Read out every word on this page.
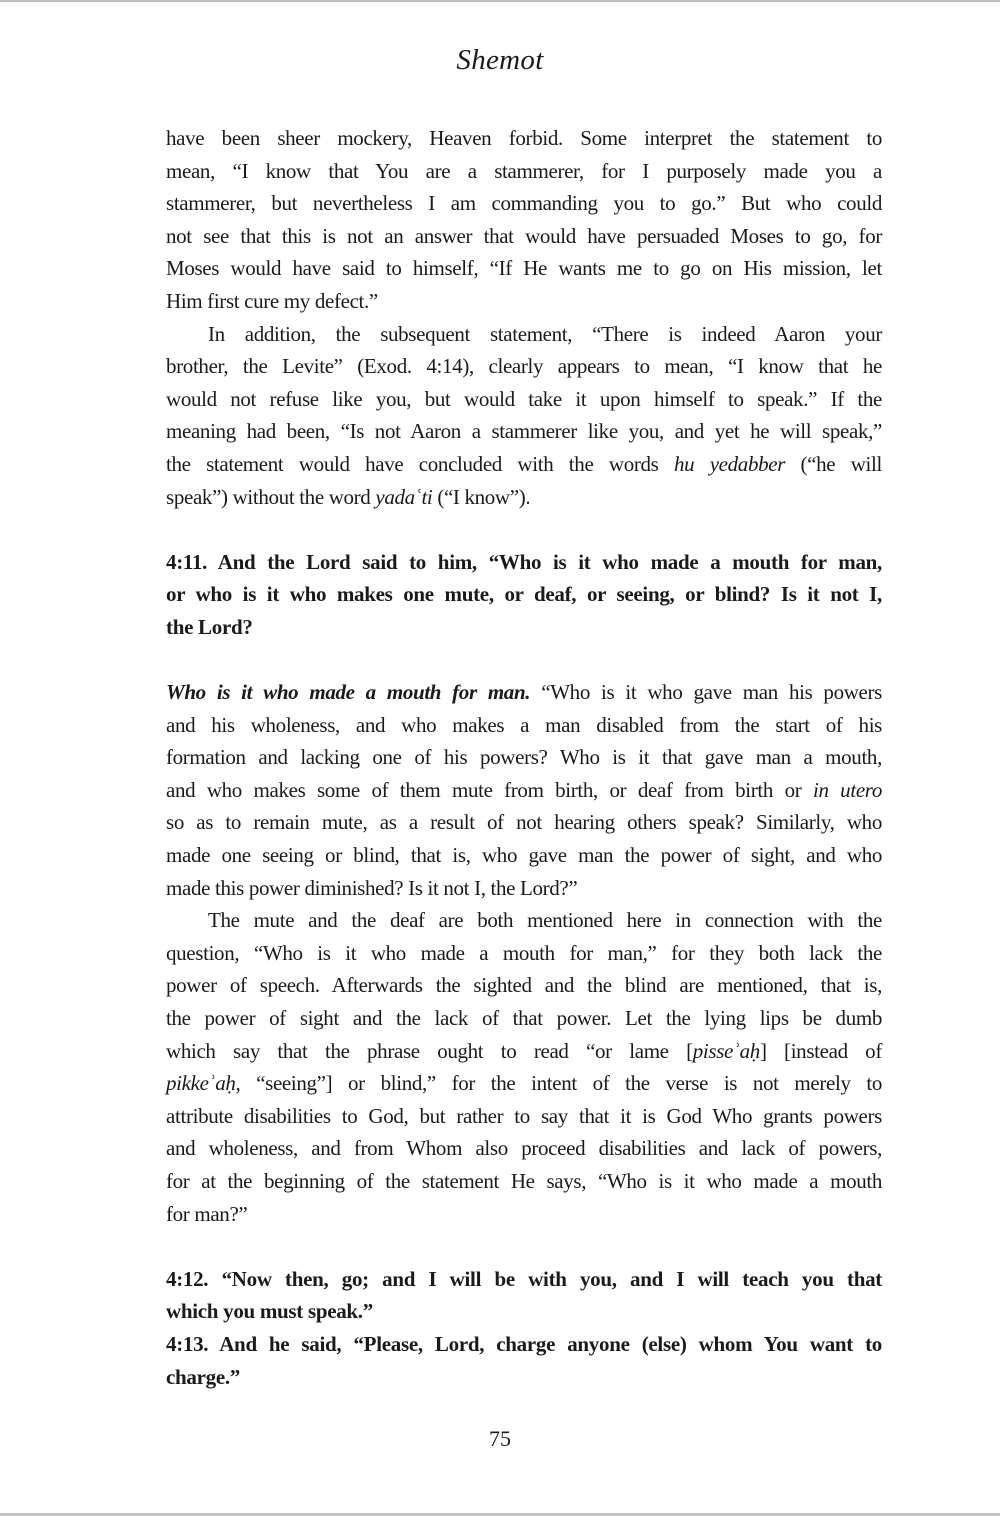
Shemot
have been sheer mockery, Heaven forbid. Some interpret the statement to
mean, “I know that You are a stammerer, for I purposely made you a
stammerer, but nevertheless I am commanding you to go.” But who could
not see that this is not an answer that would have persuaded Moses to go, for
Moses would have said to himself, “If He wants me to go on His mission, let
Him first cure my defect.”
In addition, the subsequent statement, “There is indeed Aaron your
brother, the Levite” (Exod. 4:14), clearly appears to mean, “I know that he
would not refuse like you, but would take it upon himself to speak.” If the
meaning had been, “Is not Aaron a stammerer like you, and yet he will speak,”
the statement would have concluded with the words hu yedabber (“he will
speak”) without the word yadaʿti (“I know”).
4:11. And the Lord said to him, “Who is it who made a mouth for man,
or who is it who makes one mute, or deaf, or seeing, or blind? Is it not I,
the Lord?
Who is it who made a mouth for man. “Who is it who gave man his powers
and his wholeness, and who makes a man disabled from the start of his
formation and lacking one of his powers? Who is it that gave man a mouth,
and who makes some of them mute from birth, or deaf from birth or in utero
so as to remain mute, as a result of not hearing others speak? Similarly, who
made one seeing or blind, that is, who gave man the power of sight, and who
made this power diminished? Is it not I, the Lord?”
The mute and the deaf are both mentioned here in connection with the
question, “Who is it who made a mouth for man,” for they both lack the
power of speech. Afterwards the sighted and the blind are mentioned, that is,
the power of sight and the lack of that power. Let the lying lips be dumb
which say that the phrase ought to read “or lame [pisseʾaḥ] [instead of
pikkeʾaḥ, “seeing”] or blind,” for the intent of the verse is not merely to
attribute disabilities to God, but rather to say that it is God Who grants powers
and wholeness, and from Whom also proceed disabilities and lack of powers,
for at the beginning of the statement He says, “Who is it who made a mouth
for man?”
4:12. “Now then, go; and I will be with you, and I will teach you that
which you must speak.”
4:13. And he said, “Please, Lord, charge anyone (else) whom You want to
charge.”
75
